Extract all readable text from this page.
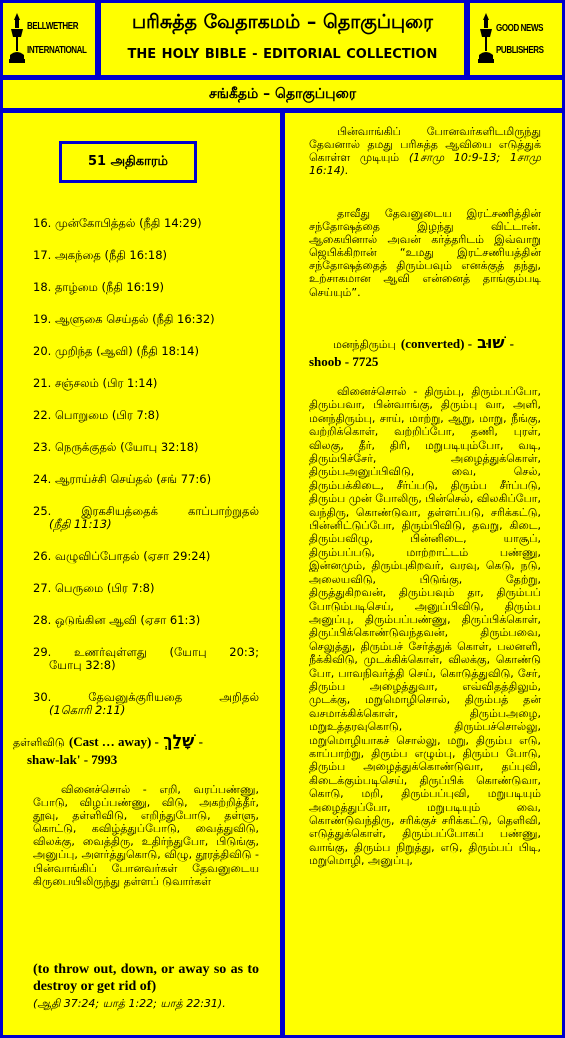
BELLWETHER
INTERNATIONAL
பரிசுத்த வேதாகமம் – தொகுப்புரை
THE HOLY BIBLE - EDITORIAL COLLECTION
GOOD NEWS
PUBLISHERS
சங்கீதம் – தொகுப்புரை
51 அதிகாரம்
16. முன்கோபித்தல் (நீதி 14:29)
17. அகந்தை (நீதி 16:18)
18. தாழ்மை (நீதி 16:19)
19. ஆளுகை செய்தல் (நீதி 16:32)
20. முறிந்த (ஆவி) (நீதி 18:14)
21. சஞ்சலம் (பிர 1:14)
22. பொறுமை (பிர 7:8)
23. நெருக்குதல் (யோபு 32:18)
24. ஆராய்ச்சி செய்தல் (சங் 77:6)
25. இரகசியத்தைக் காப்பாற்றுதல்
(நீதி 11:13)
26. வழுவிப்போதல் (ஏசா 29:24)
27. பெருமை (பிர 7:8)
28. ஒடுங்கின ஆவி (ஏசா 61:3)
29. உணர்வுள்ளது (யோபு 20:3;
யோபு 32:8)
30. தேவனுக்குரியதை அறிதல்
(1கொரி 2:11)
தள்ளிவிடு (Cast … away) - שָׁלַךְ -
shaw-lak' - 7993
வினைச்சொல் - எறி, வரப்பண்ணு, போடு, விழப்பண்ணு, விடு, அகற்றித்தீர், தூவு, தள்ளிவிடு, எறிந்துபோடு, தள்ளு, கொட்டு, கவிழ்த்துப்போடு, வைத்துவிடு, விலக்கு, வைத்திரு, உதிர்ந்துபோ, பிடுங்கு, அனுப்பு, அளர்த்துகொடு, விழு, தூரத்திவிடு - பின்வாங்கிப் போனவர்கள் தேவனுடைய கிருபையிலிருந்து தள்ளப் டுவார்கள்
(to throw out, down, or away so as to destroy or get rid of)
(ஆதி 37:24; யாத் 1:22; யாத் 22:31).
பின்வாங்கிப் போனவர்களிடமிருந்து தேவனால் தமது பரிசுத்த ஆவியை எடுத்துக் கொள்ள முடியும் (1சாமு 10:9-13; 1சாமு 16:14).
தாவீது தேவனுடைய இரட்சணித்தின் சந்தோஷத்தை இழந்து விட்டான். ஆகையினால் அவன் கர்த்தரிடம் இவ்வாறு ஜெபிக்கிறான் “உமது இரட்சணியத்தின் சந்தோஷத்தைத் திரும்பவும் எனக்குத் தந்து, உற்சாகமான ஆவி என்னைத் தாங்கும்படி செய்யும்”.
மனந்திரும்பு (converted) - שׁוּב -
shoob - 7725
வினைச்சொல் - திரும்பு, திரும்பப்போ, திரும்பவா, பின்வாங்கு, திரும்பு வா, அளி, மனந்திரும்பு, சாய், மாற்று, ஆறு, மாறு, நீங்கு, வற்றிக்கொள், வற்றிப்போ, தணி, புரள், விலகு, தீர், திரி, மறுபடியும்போ, வடி, திரும்பிச்சேர், அழைத்துக்கொள், திரும்பஅனுப்பிவிடு, வை, செல், திரும்பக்கிடை, சீர்ப்படு, திரும்ப சீர்ப்படு, திரும்ப முன் போலிரு, பின்செல், விலகிப்போ, வந்திரு, கொண்டுவா, தள்ளப்படு, சரிக்கட்டு, பின்னிட்டுப்போ, திரும்பிவிடு, தவறு, கிடை, திரும்பவிழு, பின்னிடை, யாசூப், திரும்பப்படு, மாற்றாட்டம் பண்ணு, இன்னமும், திரும்புகிறவர், வரவு, கெடு, நடு, அலையவிடு, பிடுங்கு, தேற்று, திருத்துகிறவன், திரும்பவும் தா, திரும்பப் போடும்படிசெய், அனுப்பிவிடு, திரும்ப அனுப்பு, திரும்பப்பண்ணு, திருப்பிக்கொள், திருப்பிக்கொண்டுவந்தவன், திரும்பவை, செலுத்து, திரும்பச் சேர்த்துக் கொள், பலனளி, நீக்கிவிடு, முடக்கிக்கொள், விலக்கு, கொண்டு போ, பாவநிவர்த்தி செய், கொடுத்துவிடு, சேர், திரும்ப அழைத்துவா, எவ்விதத்திலும், முடக்கு, மறுமொழிசொல், திரும்பத் தன் வசமாக்கிக்கொள், திரும்பஅழை, மறுஉத்தரவுகொடு, திரும்பச்சொல்லு, மறுமொழியாகச் சொல்லு, மறு, திரும்ப எடு, காப்பாற்று, திரும்ப எழும்பு, திரும்ப போடு, திரும்ப அழைத்துக்கொண்டுவா, தப்புவி, கிடைக்கும்படிசெய், திருப்பிக் கொண்டுவா, கொடு, மறி, திரும்பப்புவி, மறுபடியும் அழைத்துப்போ, மறுபடியும் வை, கொண்டுவந்திரு, சரிக்குச் சரிக்கட்டு, தெளிவி, எடுத்துக்கொள், திரும்பப்போகப் பண்ணு, வாங்கு, திரும்ப நிறுத்து, எடு, திரும்பப் பிடி, மறுமொழி, அனுப்பு,
